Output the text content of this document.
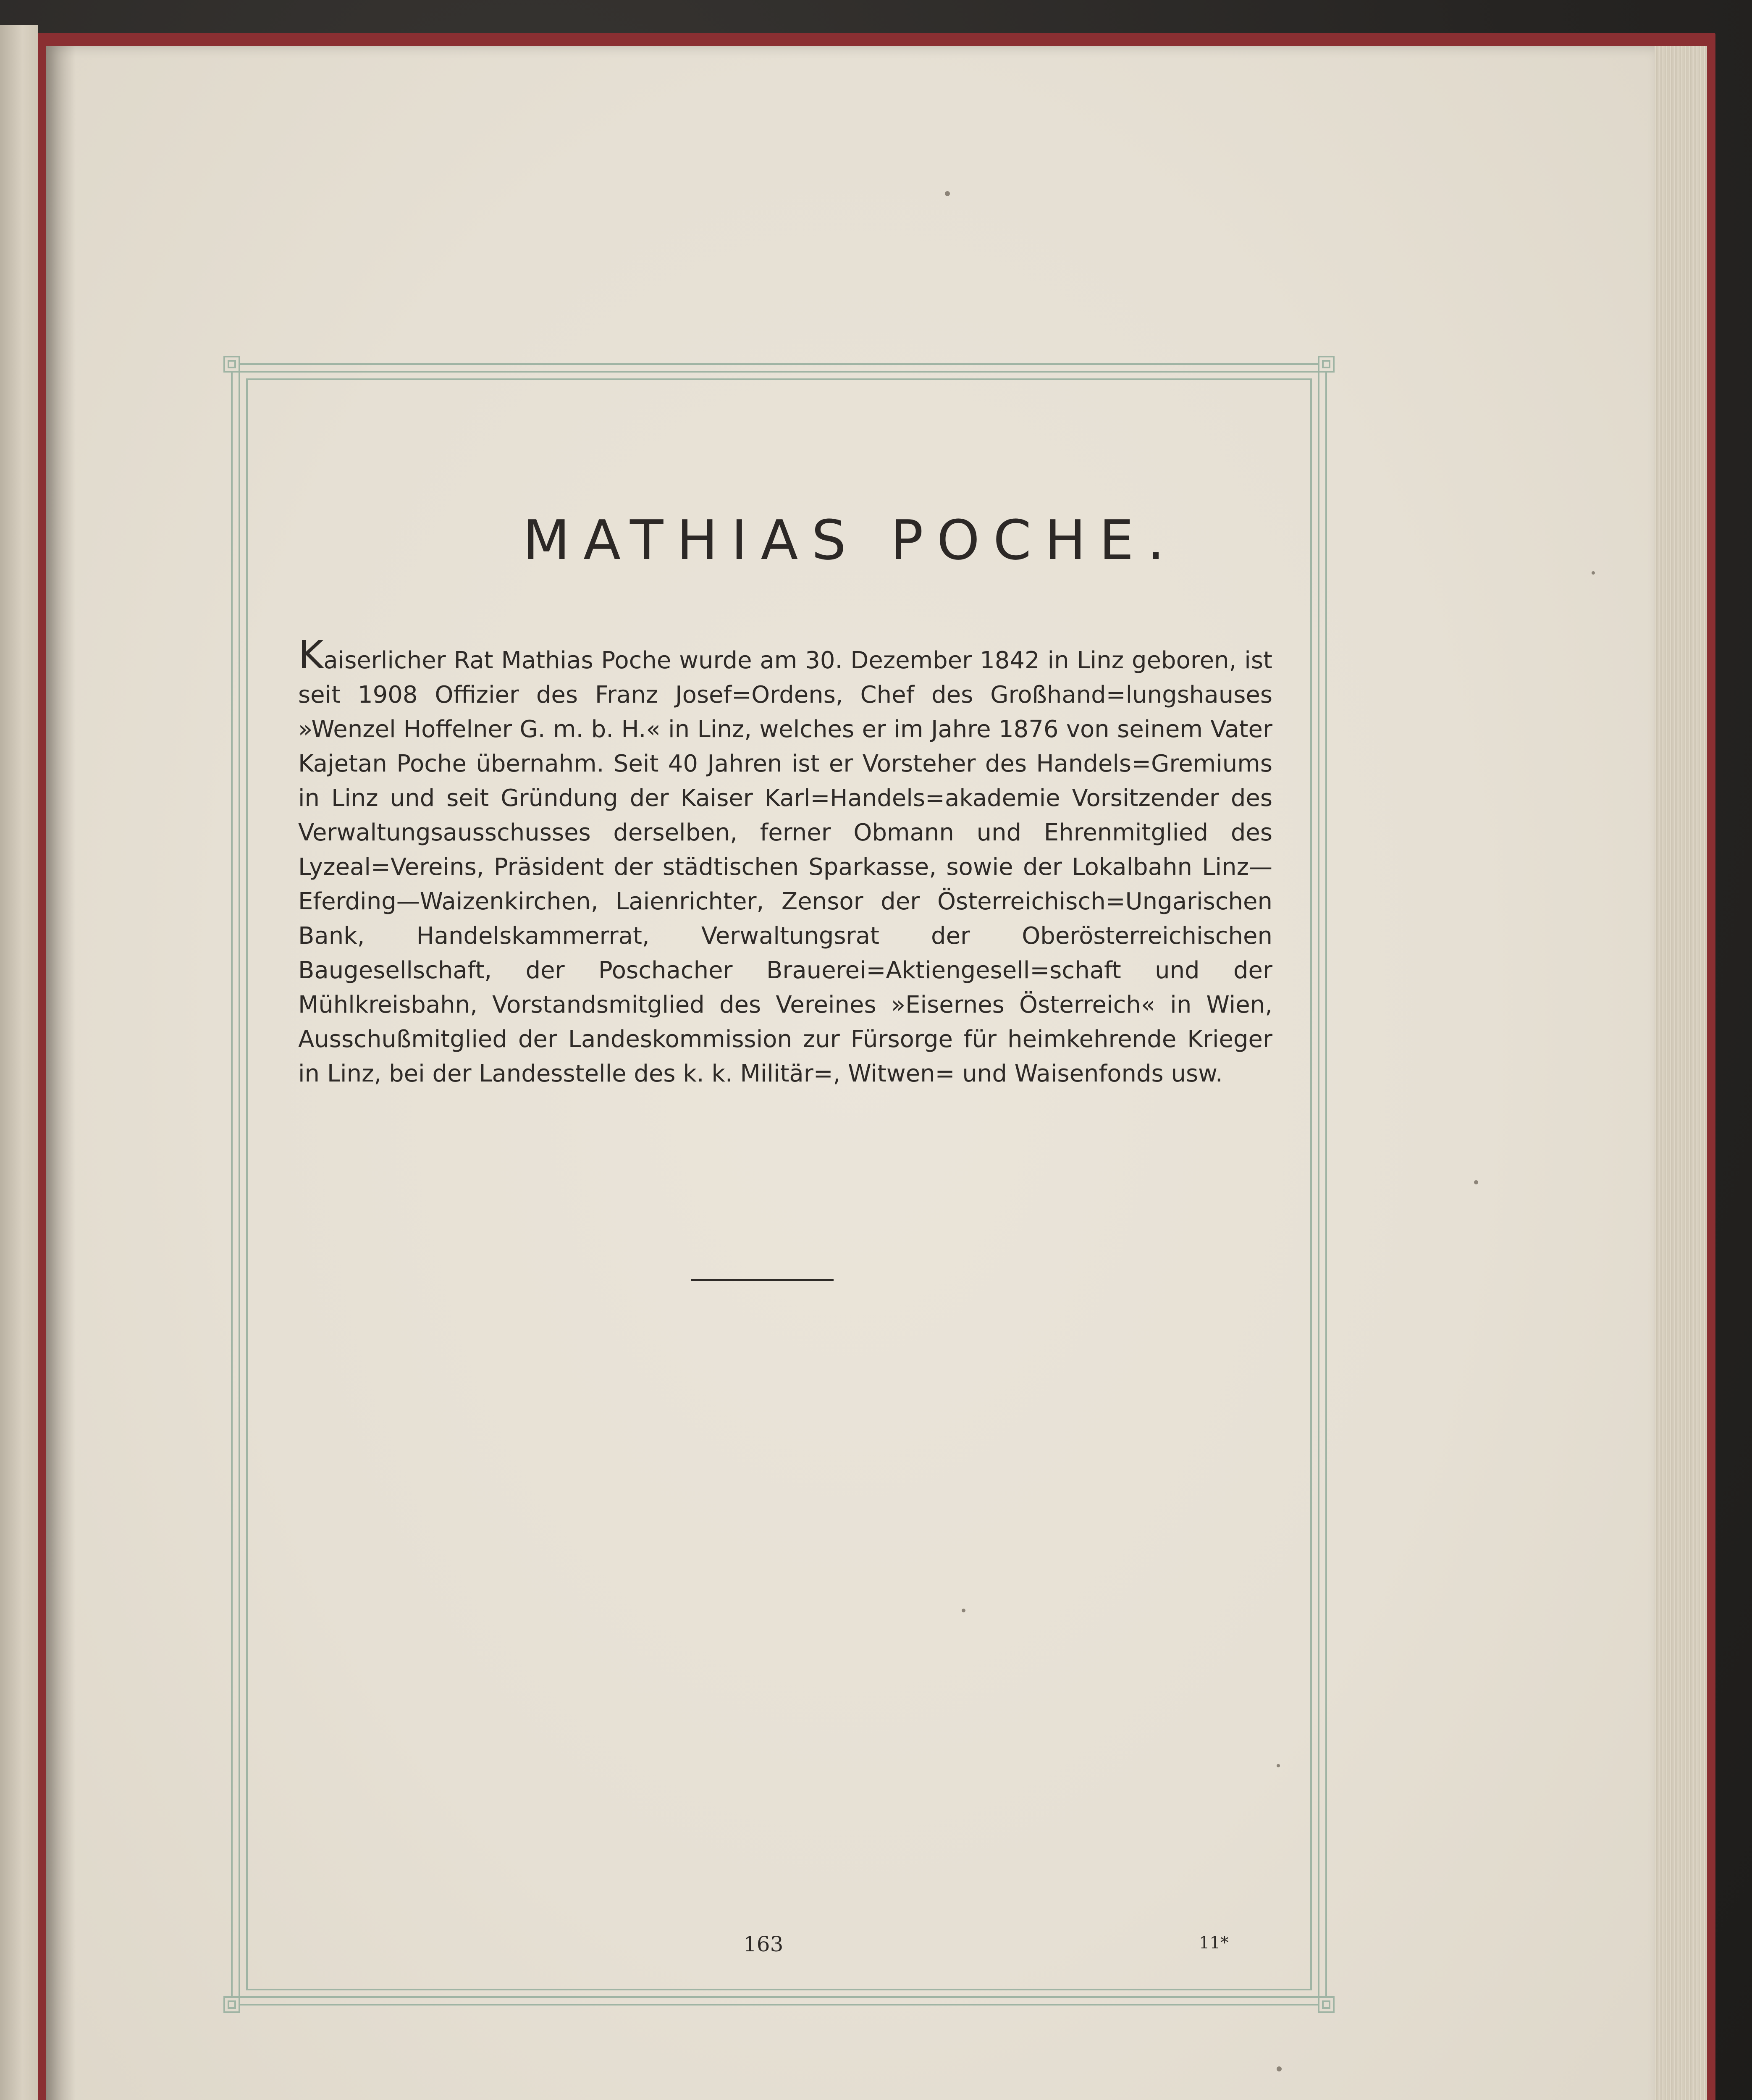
MATHIAS POCHE.

Kaiserlicher Rat Mathias Poche wurde am 30. Dezember 1842 in Linz geboren, ist seit 1908 Offizier des Franz Josef=Ordens, Chef des Großhand=lungshauses »Wenzel Hoffelner G. m. b. H.« in Linz, welches er im Jahre 1876 von seinem Vater Kajetan Poche übernahm. Seit 40 Jahren ist er Vorsteher des Handels=Gremiums in Linz und seit Gründung der Kaiser Karl=Handels=akademie Vorsitzender des Verwaltungsausschusses derselben, ferner Obmann und Ehrenmitglied des Lyzeal=Vereins, Präsident der städtischen Sparkasse, sowie der Lokalbahn Linz—Eferding—Waizenkirchen, Laienrichter, Zensor der Österreichisch=Ungarischen Bank, Handelskammerrat, Verwaltungsrat der Oberösterreichischen Baugesellschaft, der Poschacher Brauerei=Aktiengesell=schaft und der Mühlkreisbahn, Vorstandsmitglied des Vereines »Eisernes Österreich« in Wien, Ausschußmitglied der Landeskommission zur Fürsorge für heimkehrende Krieger in Linz, bei der Landesstelle des k. k. Militär=, Witwen= und Waisenfonds usw.

163	11*
